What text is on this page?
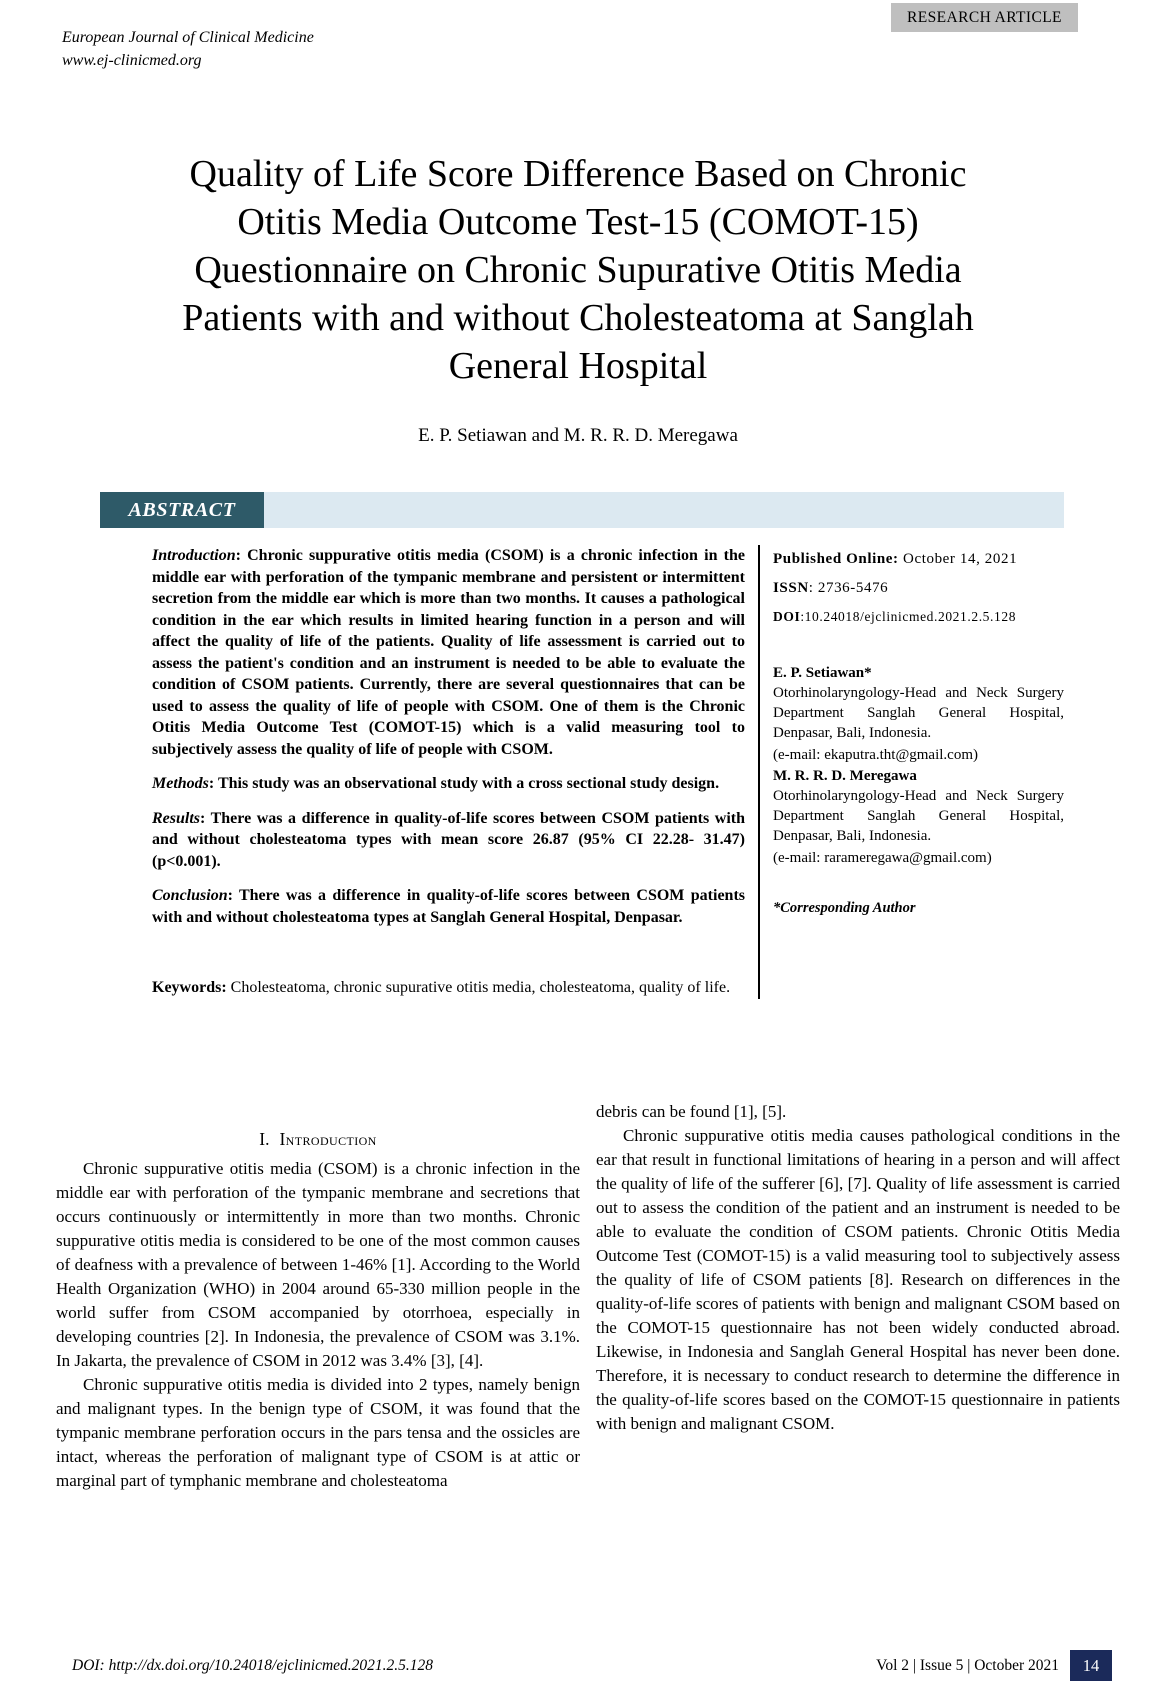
RESEARCH ARTICLE
European Journal of Clinical Medicine
www.ej-clinicmed.org
Quality of Life Score Difference Based on Chronic
Otitis Media Outcome Test-15 (COMOT-15)
Questionnaire on Chronic Supurative Otitis Media
Patients with and without Cholesteatoma at Sanglah
General Hospital
E. P. Setiawan and M. R. R. D. Meregawa
ABSTRACT

Introduction: Chronic suppurative otitis media (CSOM) is a chronic infection in the middle ear with perforation of the tympanic membrane and persistent or intermittent secretion from the middle ear which is more than two months. It causes a pathological condition in the ear which results in limited hearing function in a person and will affect the quality of life of the patients. Quality of life assessment is carried out to assess the patient's condition and an instrument is needed to be able to evaluate the condition of CSOM patients. Currently, there are several questionnaires that can be used to assess the quality of life of people with CSOM. One of them is the Chronic Otitis Media Outcome Test (COMOT-15) which is a valid measuring tool to subjectively assess the quality of life of people with CSOM.

Methods: This study was an observational study with a cross sectional study design.

Results: There was a difference in quality-of-life scores between CSOM patients with and without cholesteatoma types with mean score 26.87 (95% CI 22.28- 31.47) (p<0.001).

Conclusion: There was a difference in quality-of-life scores between CSOM patients with and without cholesteatoma types at Sanglah General Hospital, Denpasar.

Keywords: Cholesteatoma, chronic supurative otitis media, cholesteatoma, quality of life.

Published Online: October 14, 2021
ISSN: 2736-5476
DOI:10.24018/ejclinicmed.2021.2.5.128
E. P. Setiawan*
Otorhinolaryngology-Head and Neck Surgery Department Sanglah General Hospital, Denpasar, Bali, Indonesia.
(e-mail: ekaputra.tht@gmail.com)
M. R. R. D. Meregawa
Otorhinolaryngology-Head and Neck Surgery Department Sanglah General Hospital, Denpasar, Bali, Indonesia.
(e-mail: rarameregawa@gmail.com)
*Corresponding Author
I. Introduction

Chronic suppurative otitis media (CSOM) is a chronic infection in the middle ear with perforation of the tympanic membrane and secretions that occurs continuously or intermittently in more than two months. Chronic suppurative otitis media is considered to be one of the most common causes of deafness with a prevalence of between 1-46% [1]. According to the World Health Organization (WHO) in 2004 around 65-330 million people in the world suffer from CSOM accompanied by otorrhoea, especially in developing countries [2]. In Indonesia, the prevalence of CSOM was 3.1%. In Jakarta, the prevalence of CSOM in 2012 was 3.4% [3], [4].

Chronic suppurative otitis media is divided into 2 types, namely benign and malignant types. In the benign type of CSOM, it was found that the tympanic membrane perforation occurs in the pars tensa and the ossicles are intact, whereas the perforation of malignant type of CSOM is at attic or marginal part of tymphanic membrane and cholesteatoma

debris can be found [1], [5].

Chronic suppurative otitis media causes pathological conditions in the ear that result in functional limitations of hearing in a person and will affect the quality of life of the sufferer [6], [7]. Quality of life assessment is carried out to assess the condition of the patient and an instrument is needed to be able to evaluate the condition of CSOM patients. Chronic Otitis Media Outcome Test (COMOT-15) is a valid measuring tool to subjectively assess the quality of life of CSOM patients [8]. Research on differences in the quality-of-life scores of patients with benign and malignant CSOM based on the COMOT-15 questionnaire has not been widely conducted abroad. Likewise, in Indonesia and Sanglah General Hospital has never been done. Therefore, it is necessary to conduct research to determine the difference in the quality-of-life scores based on the COMOT-15 questionnaire in patients with benign and malignant CSOM.

DOI: http://dx.doi.org/10.24018/ejclinicmed.2021.2.5.128	Vol 2 | Issue 5 | October 2021	14
